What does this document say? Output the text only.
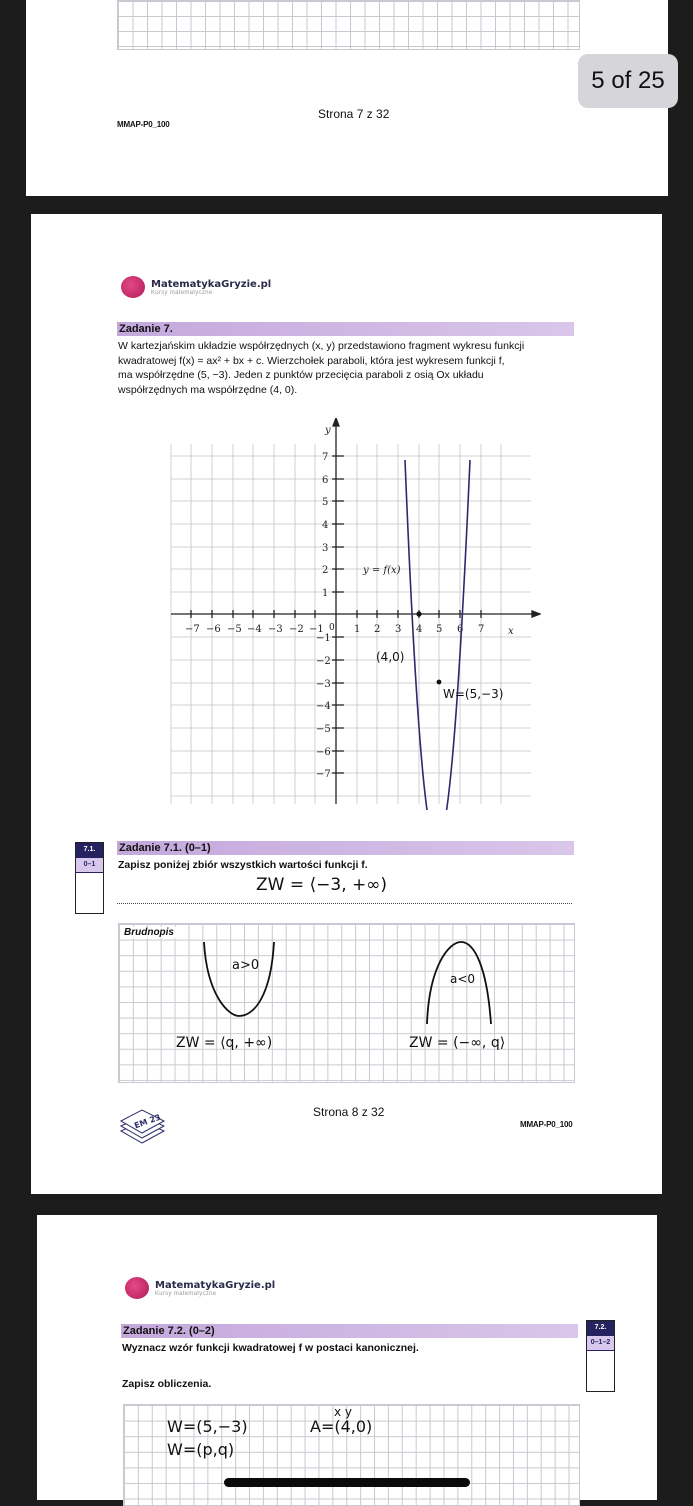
Strona 7 z 32
MMAP-P0_100
5 of 25
MatematykaGryzie.pl
Kursy matematyczne
Zadanie 7.
W kartezjańskim układzie współrzędnych (x, y) przedstawiono fragment wykresu funkcji
kwadratowej f(x) = ax² + bx + c. Wierzchołek paraboli, która jest wykresem funkcji f,
ma współrzędne (5, −3). Jeden z punktów przecięcia paraboli z osią Ox układu
współrzędnych ma współrzędne (4, 0).
−7 −6 −5 −4 −3 −2 −1 0 1 2 3 4 5 6 7 x
y
7
6
5
4
3
2
1
−1
−2
−3
−4
−5
−6
−7
y = f(x)
(4,0)
W=(5,−3)
7.1.
0–1
Zadanie 7.1. (0–1)
Zapisz poniżej zbiór wszystkich wartości funkcji f.
ZW = ⟨−3, +∞)
Brudnopis
a>0
ZW = ⟨q, +∞)
a<0
ZW = (−∞, q⟩
EM 23
Strona 8 z 32
MMAP-P0_100
MatematykaGryzie.pl
Kursy matematyczne
Zadanie 7.2. (0–2)
Wyznacz wzór funkcji kwadratowej f w postaci kanonicznej.
Zapisz obliczenia.
7.2.
0–1–2
W=(5,−3)
W=(p,q)
x y
A=(4,0)
